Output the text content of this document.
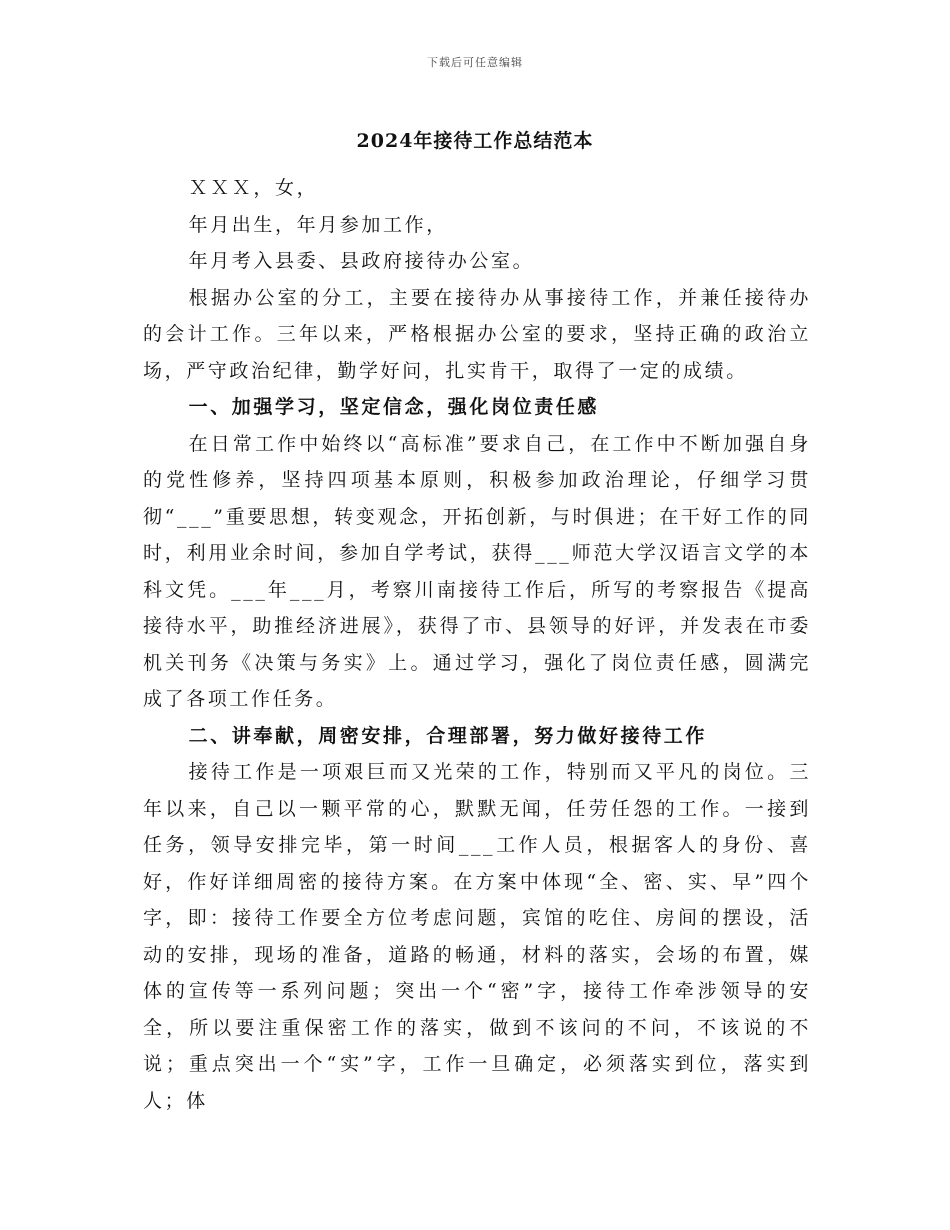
下载后可任意编辑
2024年接待工作总结范本

ＸＸＸ，女，

年月出生，年月参加工作，

年月考入县委、县政府接待办公室。

根据办公室的分工，主要在接待办从事接待工作，并兼任接待办的会计工作。三年以来，严格根据办公室的要求，坚持正确的政治立场，严守政治纪律，勤学好问，扎实肯干，取得了一定的成绩。

一、加强学习，坚定信念，强化岗位责任感

在日常工作中始终以“高标准”要求自己，在工作中不断加强自身的党性修养，坚持四项基本原则，积极参加政治理论，仔细学习贯彻“___”重要思想，转变观念，开拓创新，与时俱进；在干好工作的同时，利用业余时间，参加自学考试，获得___师范大学汉语言文学的本科文凭。___年___月，考察川南接待工作后，所写的考察报告《提高接待水平，助推经济进展》，获得了市、县领导的好评，并发表在市委机关刊务《决策与务实》上。通过学习，强化了岗位责任感，圆满完成了各项工作任务。

二、讲奉献，周密安排，合理部署，努力做好接待工作

接待工作是一项艰巨而又光荣的工作，特别而又平凡的岗位。三年以来，自己以一颗平常的心，默默无闻，任劳任怨的工作。一接到任务，领导安排完毕，第一时间___工作人员，根据客人的身份、喜好，作好详细周密的接待方案。在方案中体现“全、密、实、早”四个字，即：接待工作要全方位考虑问题，宾馆的吃住、房间的摆设，活动的安排，现场的准备，道路的畅通，材料的落实，会场的布置，媒体的宣传等一系列问题；突出一个“密”字，接待工作牵涉领导的安全，所以要注重保密工作的落实，做到不该问的不问，不该说的不说；重点突出一个“实”字，工作一旦确定，必须落实到位，落实到人；体
